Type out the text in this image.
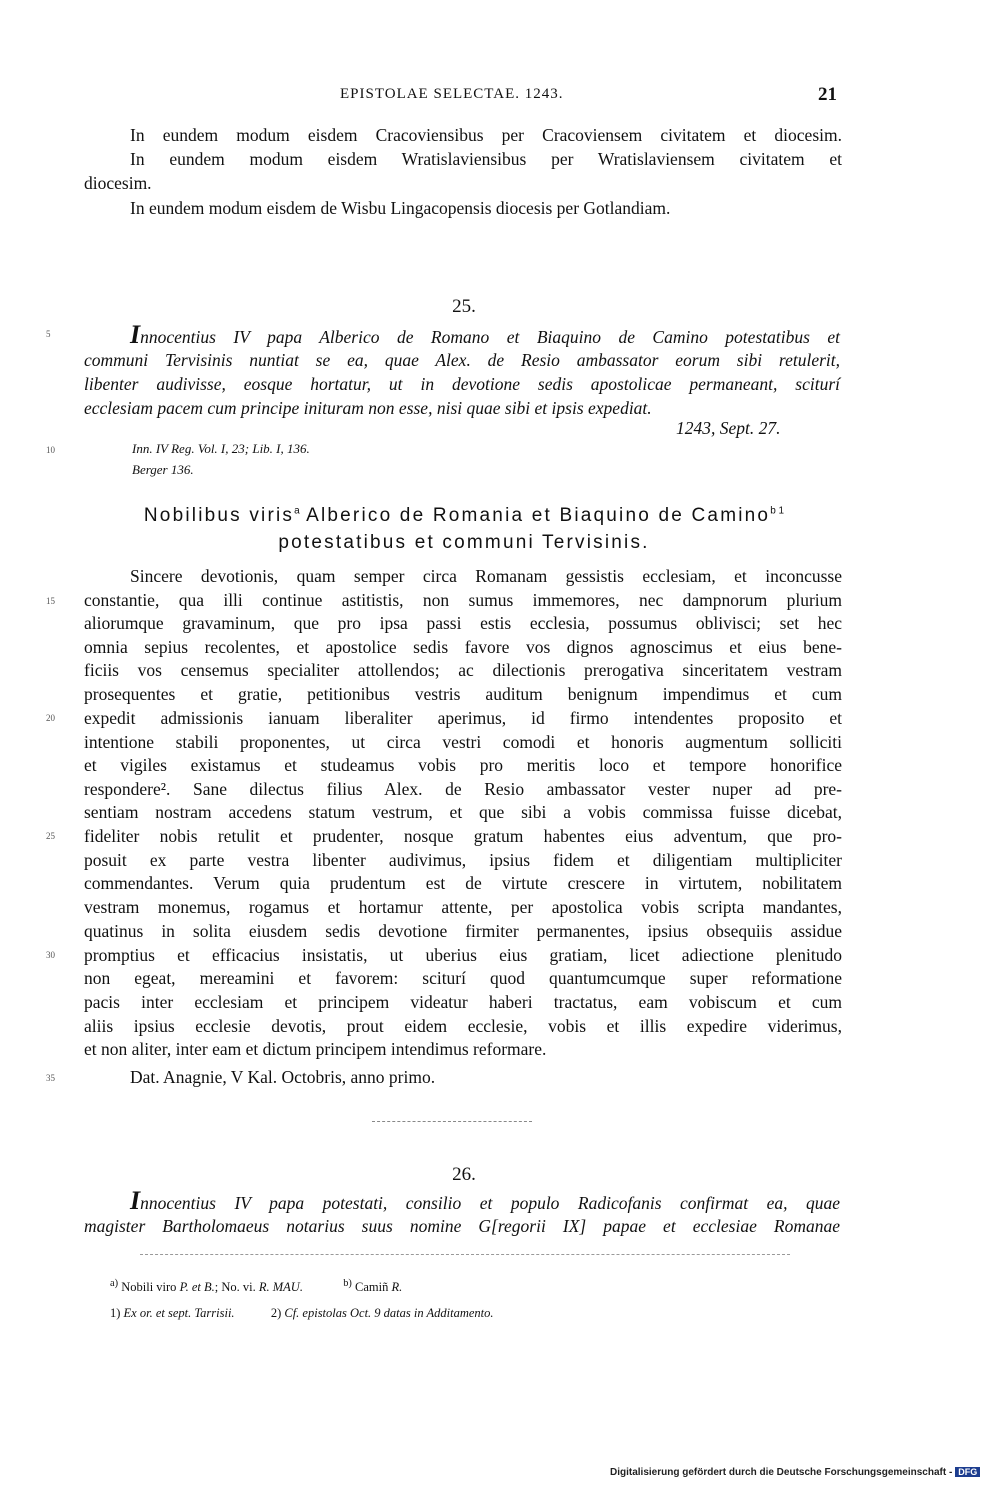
EPISTOLAE SELECTAE. 1243.	21
In eundem modum eisdem Cracoviensibus per Cracoviensem civitatem et diocesim.
In eundem modum eisdem Wratislaviensibus per Wratislaviensem civitatem et
diocesim.
In eundem modum eisdem de Wisbu Lingacopensis diocesis per Gotlandiam.
25.
Innocentius IV papa Alberico de Romano et Biaquino de Camino potestatibus et
communi Tervisinis nuntiat se ea, quae Alex. de Resio ambassator eorum sibi retulerit,
libenter audivisse, eosque hortatur, ut in devotione sedis apostolicae permaneant, sciturí
ecclesiam pacem cum principe inituram non esse, nisi quae sibi et ipsis expediat.
1243, Sept. 27.
Inn. IV Reg. Vol. I, 23; Lib. I, 136.
Berger 136.
Nobilibus viris$^a$ Alberico de Romania et Biaquino de Camino$^{b 1}$
potestatibus et communi Tervisinis.
Sincere devotionis, quam semper circa Romanam gessistis ecclesiam, et inconcusse
constantie, qua illi continue astitistis, non sumus immemores, nec dampnorum plurium
aliorumque gravaminum, que pro ipsa passi estis ecclesia, possumus oblivisci; set hec
omnia sepius recolentes, et apostolice sedis favore vos dignos agnoscimus et eius bene-
ficiis vos censemus specialiter attollendos; ac dilectionis prerogativa sinceritatem vestram
prosequentes et gratie, petitionibus vestris auditum benignum impendimus et cum
expedit admissionis ianuam liberaliter aperimus, id firmo intendentes proposito et
intentione stabili proponentes, ut circa vestri comodi et honoris augmentum solliciti
et vigiles existamus et studeamus vobis pro meritis loco et tempore honorifice
respondere². Sane dilectus filius Alex. de Resio ambassator vester nuper ad pre-
sentiam nostram accedens statum vestrum, et que sibi a vobis commissa fuisse dicebat,
fideliter nobis retulit et prudenter, nosque gratum habentes eius adventum, que pro-
posuit ex parte vestra libenter audivimus, ipsius fidem et diligentiam multipliciter
commendantes. Verum quia prudentum est de virtute crescere in virtutem, nobilitatem
vestram monemus, rogamus et hortamur attente, per apostolica vobis scripta mandantes,
quatinus in solita eiusdem sedis devotione firmiter permanentes, ipsius obsequiis assidue
promptius et efficacius insistatis, ut uberius eius gratiam, licet adiectione plenitudo
non egeat, mereamini et favorem: sciturí quod quantumcumque super reformatione
pacis inter ecclesiam et principem videatur haberi tractatus, eam vobiscum et cum
aliis ipsius ecclesie devotis, prout eidem ecclesie, vobis et illis expedire viderimus,
et non aliter, inter eam et dictum principem intendimus reformare.
Dat. Anagnie, V Kal. Octobris, anno primo.
26.
Innocentius IV papa potestati, consilio et populo Radicofanis confirmat ea, quae
magister Bartholomaeus notarius suus nomine G[regorii IX] papae et ecclesiae Romanae
5
10
15
20
25
30
35
$^{a)}$ Nobili viro P. et B.; No. vi. R. MAU.	$^{b)}$ Camiñ R.
1) Ex or. et sept. Tarrisii.	2) Cf. epistolas Oct. 9 datas in Additamento.
Digitalisierung gefördert durch die Deutsche Forschungsgemeinschaft - DFG
